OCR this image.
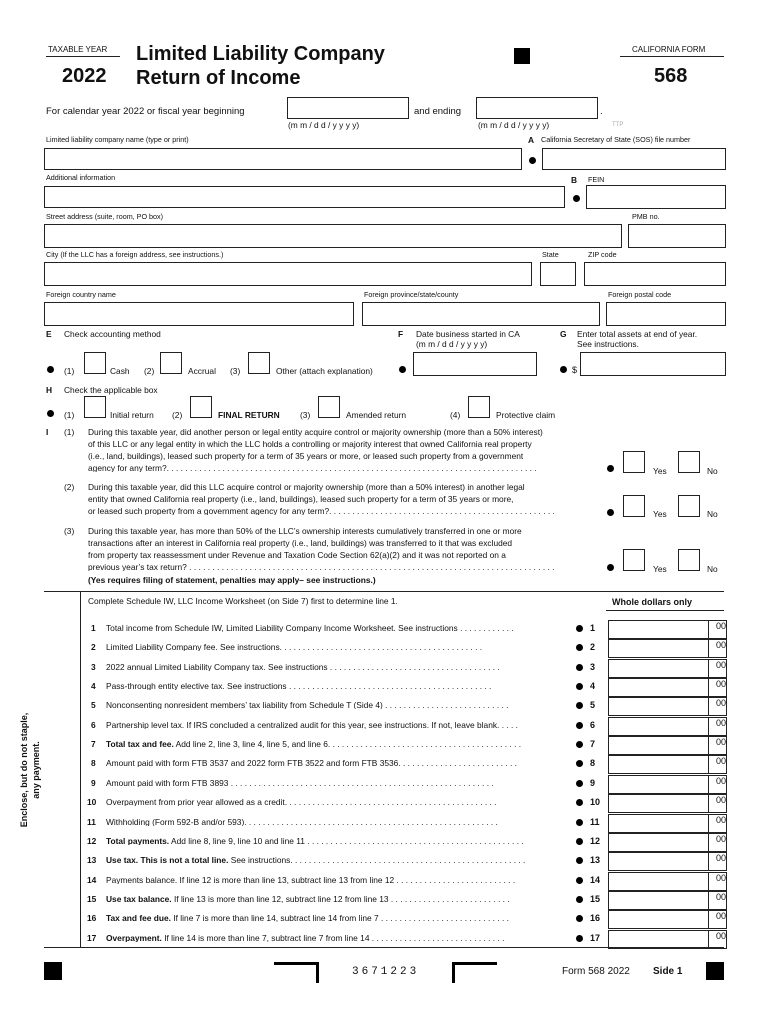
TAXABLE YEAR
2022
Limited Liability Company
Return of Income
CALIFORNIA FORM
568
For calendar year 2022 or fiscal year beginning
(m m / d d / y y y y)
and ending	.
(m m / d d / y y y y)	TTP
Limited liability company name (type or print)	A California Secretary of State (SOS) file number
Additional information	B FEIN
Street address (suite, room, PO box)	PMB no.
City (If the LLC has a foreign address, see instructions.)	State	ZIP code
Foreign country name	Foreign province/state/county	Foreign postal code
E Check accounting method	F Date business started in CA
(m m / d d / y y y y)
G Enter total assets at end of year.
See instructions.
(1)	Cash (2)	Accrual (3)	Other (attach explanation)	$
H Check the applicable box
(1)	Initial return (2)	FINAL RETURN (3)	Amended return	(4)	Protective claim
I (1) During this taxable year, did another person or legal entity acquire control or majority ownership (more than a 50% interest)
of this LLC or any legal entity in which the LLC holds a controlling or majority interest that owned California real property
(i.e., land, buildings), leased such property for a term of 35 years or more, or leased such property from a government
agency for any term?. . . . . . . . . . . . . . . . . . . . . . . . . . . . . . . . . . . . . . . . . . . . . . . . . . . . . . . . . . . . . . . . . . . . . . . . . . . . . . . .	Yes	No
(2) During this taxable year, did this LLC acquire control or majority ownership (more than a 50% interest) in another legal
entity that owned California real property (i.e., land, buildings), leased such property for a term of 35 years or more,
or leased such property from a government agency for any term?. . . . . . . . . . . . . . . . . . . . . . . . . . . . . . . . . . . . . . . . . . . . . . . . .	Yes	No
(3) During this taxable year, has more than 50% of the LLC’s ownership interests cumulatively transferred in one or more
transactions after an interest in California real property (i.e., land, buildings) was transferred to it that was excluded
from property tax reassessment under Revenue and Taxation Code Section 62(a)(2) and it was not reported on a
previous year’s tax return? . . . . . . . . . . . . . . . . . . . . . . . . . . . . . . . . . . . . . . . . . . . . . . . . . . . . . . . . . . . . . . . . . . . . . . . . . . . . . . .
(Yes requires filing of statement, penalties may apply– see instructions.)
Yes	No
Complete Schedule IW, LLC Income Worksheet (on Side 7) first to determine line 1.	Whole dollars only
Enclose, but do not staple, any payment.
1 Total income from Schedule IW, Limited Liability Company Income Worksheet. See instructions . . . . . . . . . . . .	1	00
2 Limited Liability Company fee. See instructions. . . . . . . . . . . . . . . . . . . . . . . . . . . . . . . . . . . . . . . . . . . .	2	00
3 2022 annual Limited Liability Company tax. See instructions . . . . . . . . . . . . . . . . . . . . . . . . . . . . . . . . . . . . .	3	00
4 Pass-through entity elective tax. See instructions . . . . . . . . . . . . . . . . . . . . . . . . . . . . . . . . . . . . . . . . . . . .	4	00
5 Nonconsenting nonresident members’ tax liability from Schedule T (Side 4) . . . . . . . . . . . . . . . . . . . . . . . . . . .	5	00
6 Partnership level tax. If IRS concluded a centralized audit for this year, see instructions. If not, leave blank. . . . .	6	00
7 Total tax and fee. Add line 2, line 3, line 4, line 5, and line 6. . . . . . . . . . . . . . . . . . . . . . . . . . . . . . . . . . . . . . . . . .	7	00
8 Amount paid with form FTB 3537 and 2022 form FTB 3522 and form FTB 3536. . . . . . . . . . . . . . . . . . . . . . . . . .	8	00
9 Amount paid with form FTB 3893 . . . . . . . . . . . . . . . . . . . . . . . . . . . . . . . . . . . . . . . . . . . . . . . . . . . . . . . . .	9	00
10 Overpayment from prior year allowed as a credit. . . . . . . . . . . . . . . . . . . . . . . . . . . . . . . . . . . . . . . . . . . . . .	10	00
11 Withholding (Form 592-B and/or 593). . . . . . . . . . . . . . . . . . . . . . . . . . . . . . . . . . . . . . . . . . . . . . . . . . . . . . .	11	00
12 Total payments. Add line 8, line 9, line 10 and line 11 . . . . . . . . . . . . . . . . . . . . . . . . . . . . . . . . . . . . . . . . . . . . . . .	12	00
13 Use tax. This is not a total line. See instructions. . . . . . . . . . . . . . . . . . . . . . . . . . . . . . . . . . . . . . . . . . . . . . . . . . .	13	00
14 Payments balance. If line 12 is more than line 13, subtract line 13 from line 12 . . . . . . . . . . . . . . . . . . . . . . . . . .	14	00
15 Use tax balance. If line 13 is more than line 12, subtract line 12 from line 13 . . . . . . . . . . . . . . . . . . . . . . . . . .	15	00
16 Tax and fee due. If line 7 is more than line 14, subtract line 14 from line 7 . . . . . . . . . . . . . . . . . . . . . . . . . . . .	16	00
17 Overpayment. If line 14 is more than line 7, subtract line 7 from line 14 . . . . . . . . . . . . . . . . . . . . . . . . . . . . .	17	00
3671223	Form 568 2022 Side 1
